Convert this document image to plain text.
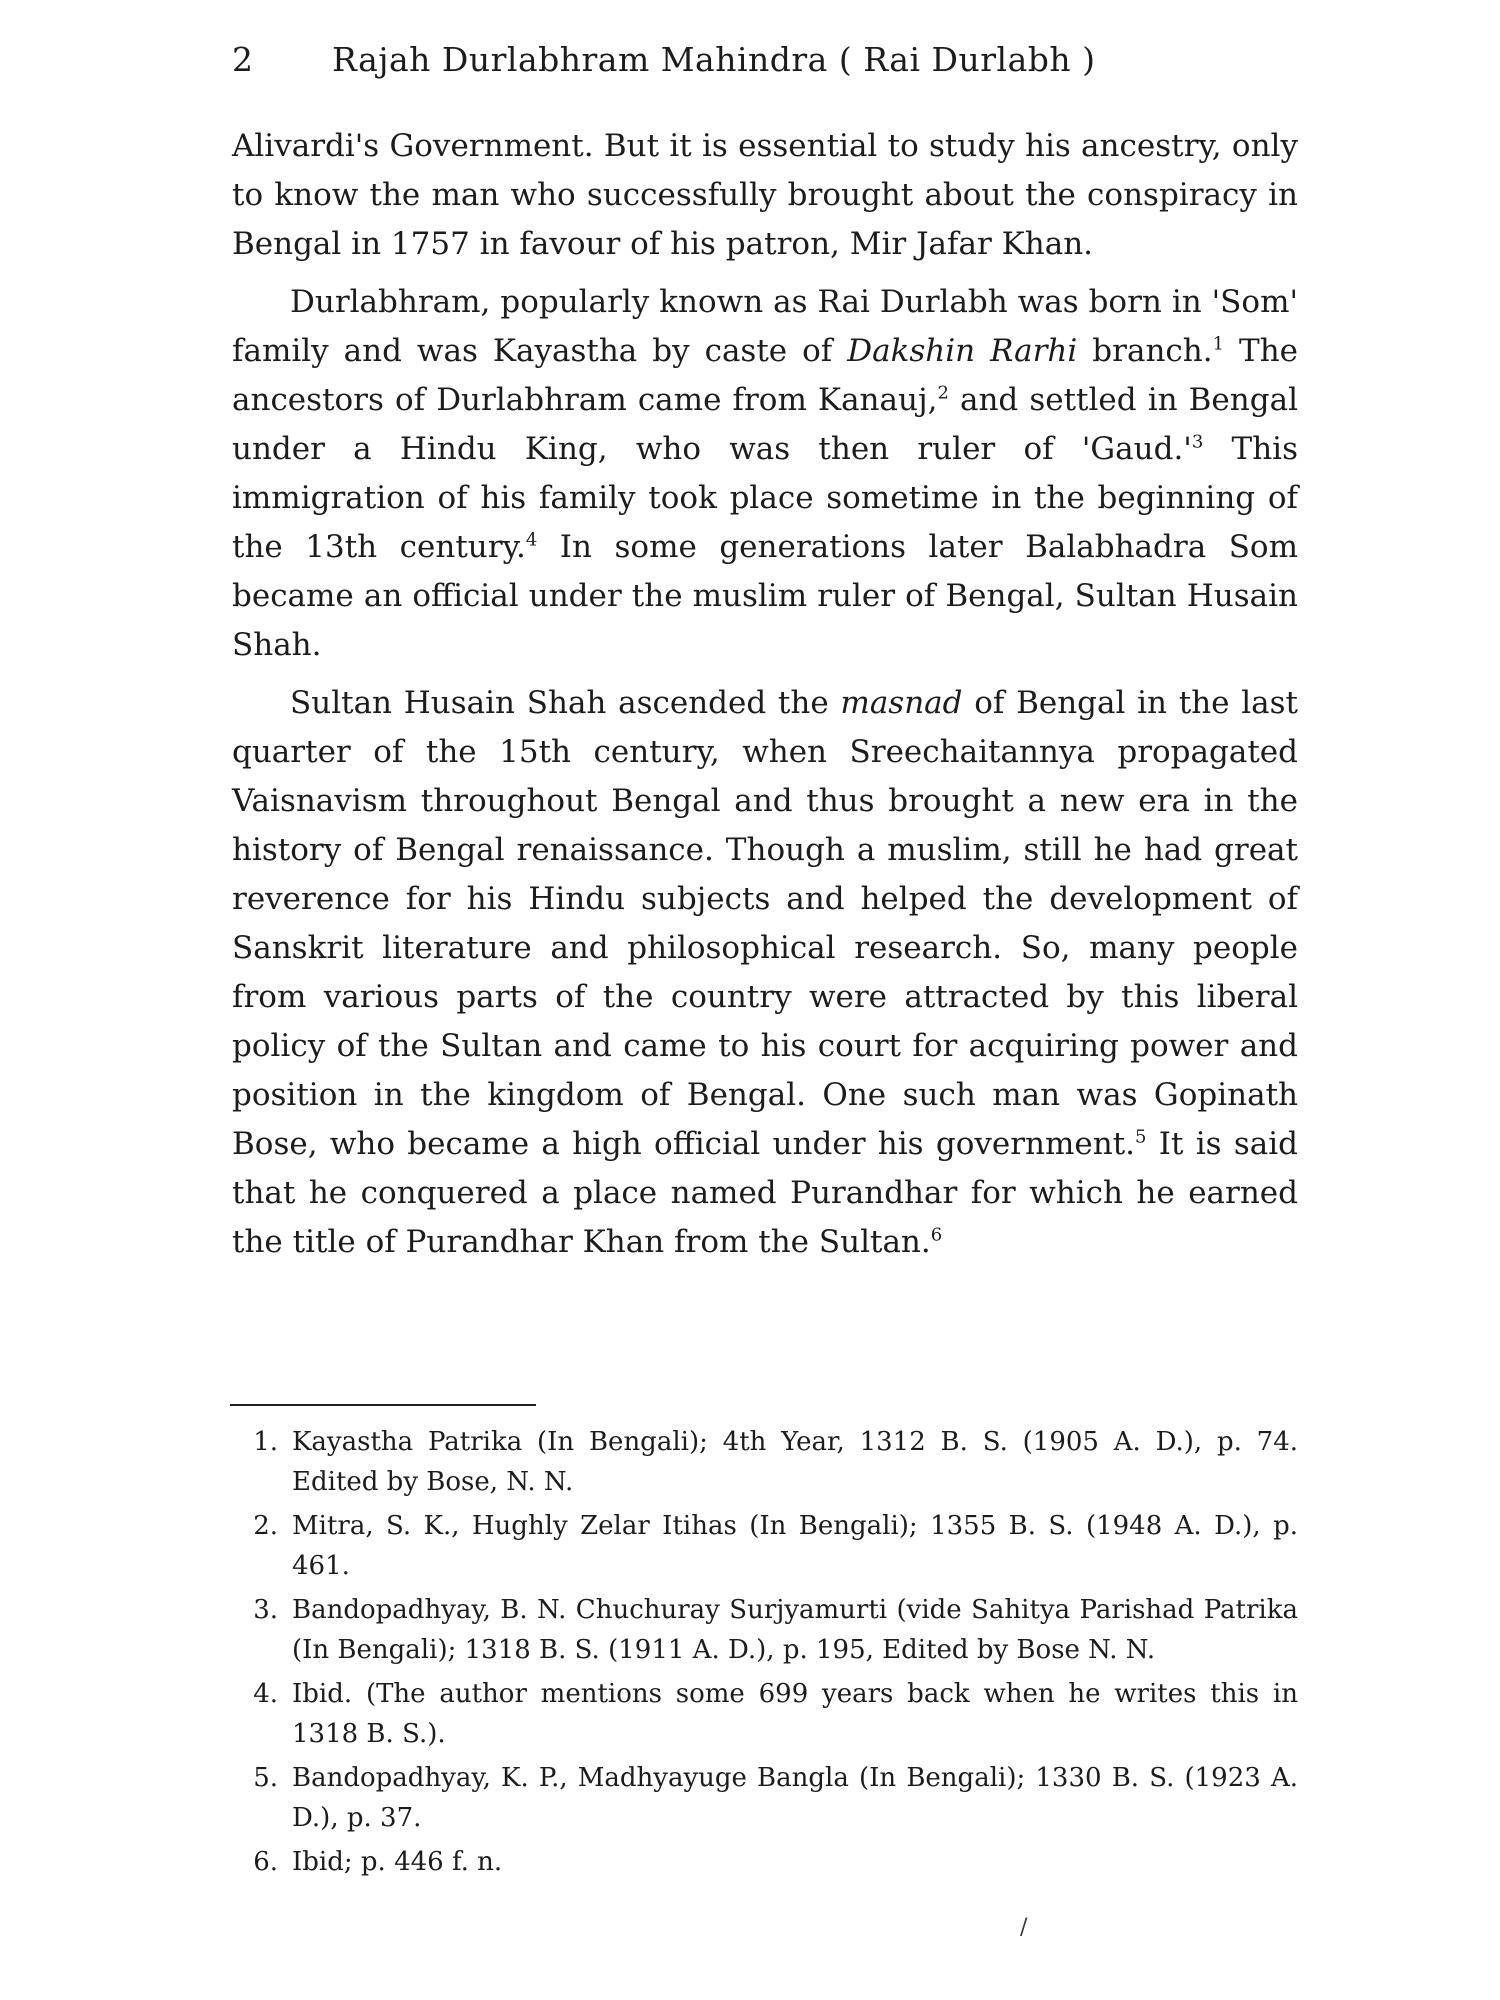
2 Rajah Durlabhram Mahindra ( Rai Durlabh )

Alivardi's Government. But it is essential to study his ancestry, only to know the man who successfully brought about the conspiracy in Bengal in 1757 in favour of his patron, Mir Jafar Khan.

Durlabhram, popularly known as Rai Durlabh was born in 'Som' family and was Kayastha by caste of Dakshin Rarhi branch.$^1$ The ancestors of Durlabhram came from Kanauj,$^2$ and settled in Bengal under a Hindu King, who was then ruler of '$Gaud.'^3$ This immigration of his family took place sometime in the beginning of the 13th century.$^4$ In some generations later Balabhadra Som became an official under the muslim ruler of Bengal, Sultan Husain Shah.

Sultan Husain Shah ascended the masnad of Bengal in the last quarter of the 15th century, when Sreechaitannya propagated Vaisnavism throughout Bengal and thus brought a new era in the history of Bengal renaissance. Though a muslim, still he had great reverence for his Hindu subjects and helped the development of Sanskrit literature and philosophical research. So, many people from various parts of the country were attracted by this liberal policy of the Sultan and came to his court for acquiring power and position in the kingdom of Bengal. One such man was Gopinath Bose, who became a high official under his government.$^5$ It is said that he conquered a place named Purandhar for which he earned the title of Purandhar Khan from the Sultan.$^6$

1. Kayastha Patrika (In Bengali); 4th Year, 1312 B. S. (1905 A. D.), p. 74. Edited by Bose, N. N.
2. Mitra, S. K., Hughly Zelar Itihas (In Bengali); 1355 B. S. (1948 A. D.), p. 461.
3. Bandopadhyay, B. N. Chuchuray Surjyamurti (vide Sahitya Parishad Patrika (In Bengali); 1318 B. S. (1911 A. D.), p. 195, Edited by Bose N. N.
4. Ibid. (The author mentions some 699 years back when he writes this in 1318 B. S.).
5. Bandopadhyay, K. P., Madhyayuge Bangla (In Bengali); 1330 B. S. (1923 A. D.), p. 37.
6. Ibid; p. 446 f. n.
/
